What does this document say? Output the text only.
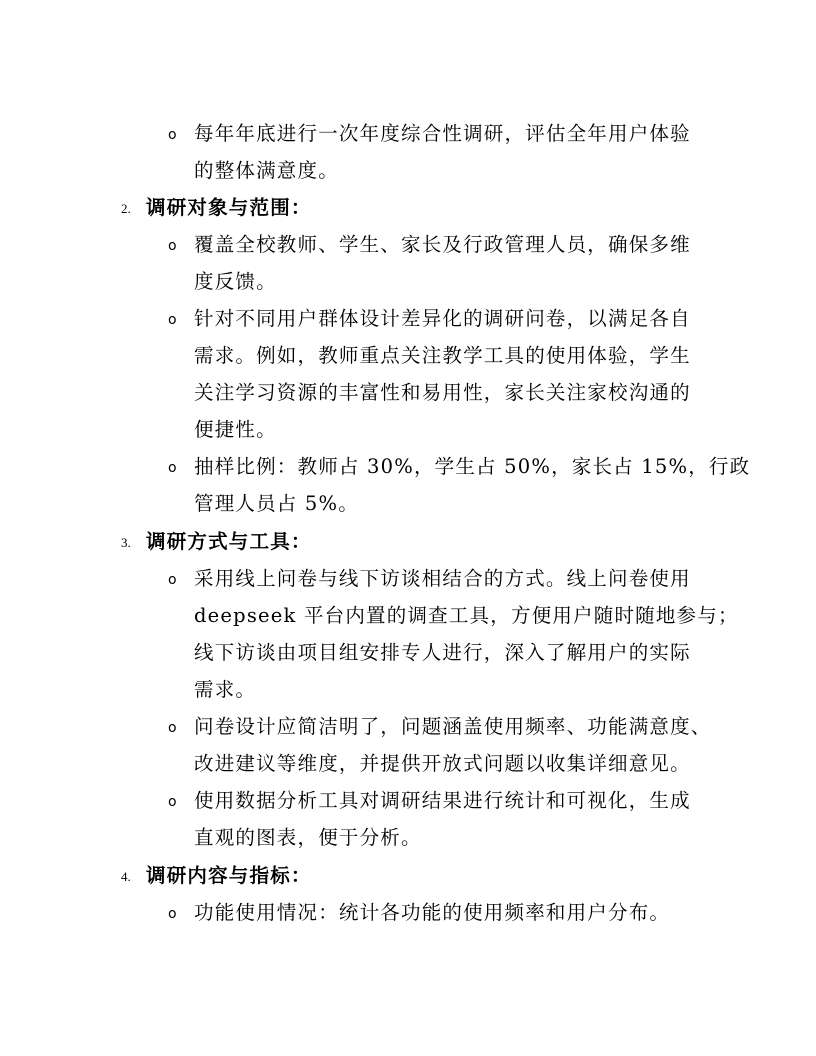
o 每年年底进行一次年度综合性调研，评估全年用户体验
的整体满意度。
2. 调研对象与范围：
o 覆盖全校教师、学生、家长及行政管理人员，确保多维
度反馈。
o 针对不同用户群体设计差异化的调研问卷，以满足各自
需求。例如，教师重点关注教学工具的使用体验，学生
关注学习资源的丰富性和易用性，家长关注家校沟通的
便捷性。
o 抽样比例：教师占 30%，学生占 50%，家长占 15%，行政
管理人员占 5%。
3. 调研方式与工具：
o 采用线上问卷与线下访谈相结合的方式。线上问卷使用
deepseek 平台内置的调查工具，方便用户随时随地参与；
线下访谈由项目组安排专人进行，深入了解用户的实际
需求。
o 问卷设计应简洁明了，问题涵盖使用频率、功能满意度、
改进建议等维度，并提供开放式问题以收集详细意见。
o 使用数据分析工具对调研结果进行统计和可视化，生成
直观的图表，便于分析。
4. 调研内容与指标：
o 功能使用情况：统计各功能的使用频率和用户分布。
